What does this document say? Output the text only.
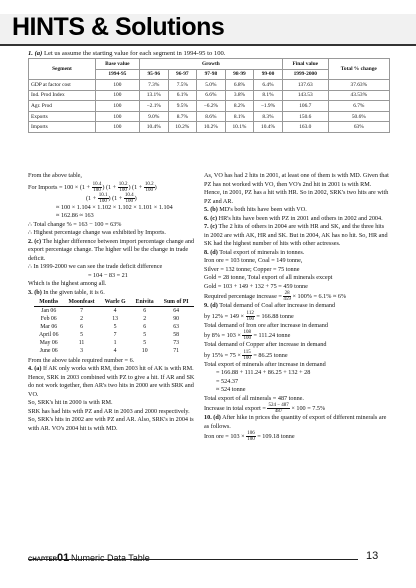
HINTS & Solutions
1. (a) Let us assume the starting value for each segment in 1994-95 to 100.
Segment	Base value	Growth					Final value	Total % change
	1994-95	95-96	96-97	97-98	98-99	99-00	1999-2000	
GDP at factor cost	100	7.3%	7.5%	5.0%	6.8%	6.4%	137.63	37.63%
Ind. Prod Index	100	13.1%	6.1%	6.6%	3.8%	8.1%	143.53	43.53%
Agr. Prod	100	−2.1%	9.5%	−6.2%	8.2%	−1.9%	106.7	6.7%
Exports	100	9.0%	8.7%	8.6%	8.1%	8.3%	150.6	50.6%
Imports	100	10.4%	10.2%	10.2%	10.1%	10.4%	163.0	63%

From the above table,

For Imports = $100 \times (1 + \frac{10.4}{100}$ ) ($1 + \frac{10.2}{100}$ ) ($1 + \frac{10.2}{100}$ )

($1 + \frac{10.1}{100}$ ) ($1 + \frac{10.4}{100}$ )

≈ 100 × 1.104 × 1.102 × 1.102 × 1.101 × 1.104

≈ 162.86 ≈ 163

∴ Total change % = 163 − 100 = 63%

∴ Highest percentage change was exhibited by Imports.

2. (c) The higher difference between import percentage change and export percentage change. The higher will be the change in trade deficit.

∴ In 1999-2000 we can see the trade deficit difference

= 104 − 83 = 21

Which is the highest among all.

3. (b) In the given table, it is 6.

Months	Moonfeast	Warle G	Enivita	Sum of PI
Jan 06	7	4	6	64
Feb 06	2	13	2	90
Mar 06	6	5	6	63
April 06	5	7	5	58
May 06	11	1	5	73
June 06	3	4	10	71

From the above table required number = 6.

4. (a) If AK only works with RM, then 2003 hit of AK is with RM.

Hence, SRK in 2003 combined with PZ to give a hit. If AR and SK do not work together, then AR's two hits in 2000 are with SRK and VO.

So, SRK's hit in 2000 is with RM.

SRK has had hits with PZ and AR in 2003 and 2000 respectively. So, SRK's hits in 2002 are with PZ and AR. Also, SRK's in 2004 is with AR. VO's 2004 hit is with MD.

As, VO has had 2 hits in 2001, at least one of them is with MD. Given that PZ has not worked with VO, then VO's 2nd hit in 2001 is with RM. Hence, in 2001, PZ has a hit with HR. So in 2002, SRK's two hits are with PZ and AR.

5. (b) MD's both hits have been with VO.

6. (c) HR's hits have been with PZ in 2001 and others in 2002 and 2004.

7. (c) The 2 hits of others in 2004 are with HR and SK, and the three hits in 2002 are with AK, HR and SK. But in 2004, AK has no hit. So, HR and SK had the highest number of hits with other actresses.

8. (d) Total export of minerals in tonnes.

Iron ore = 103 tonne, Coal = 149 tonne,

Silver = 132 tonne; Copper = 75 tonne

Gold = 28 tonne, Total export of all minerals except

Gold = 103 + 149 + 132 + 75 = 459 tonne

Required percentage increase = $\frac{28}{459} \times 100\% = 6.1\% \approx 6\%$

9. (d) Total demand of Coal after increase in demand

by $12\% = 149 \times \frac{112}{100} = 166.88$ tonne

Total demand of Iron ore after increase in demand

by $8\% = 103 \times \frac{108}{100} = 111.24$ tonne

Total demand of Copper after increase in demand

by $15\% = 75 \times \frac{115}{100} = 86.25$ tonne

Total export of minerals after increase in demand

= 166.88 + 111.24 + 86.25 + 132 + 28

= 524.37

≈ 524 tonne

Total export of all minerals = 487 tonne.

Increase in total export = $\frac{524 - 487}{487} \times 100 = 7.5\%$

10. (d) After hike in prices the quantity of export of different minerals are as follows.

Iron ore = $103 \times \frac{106}{100} = 109.18$ tonne

CHAPTER01 Numeric Data Table	13
